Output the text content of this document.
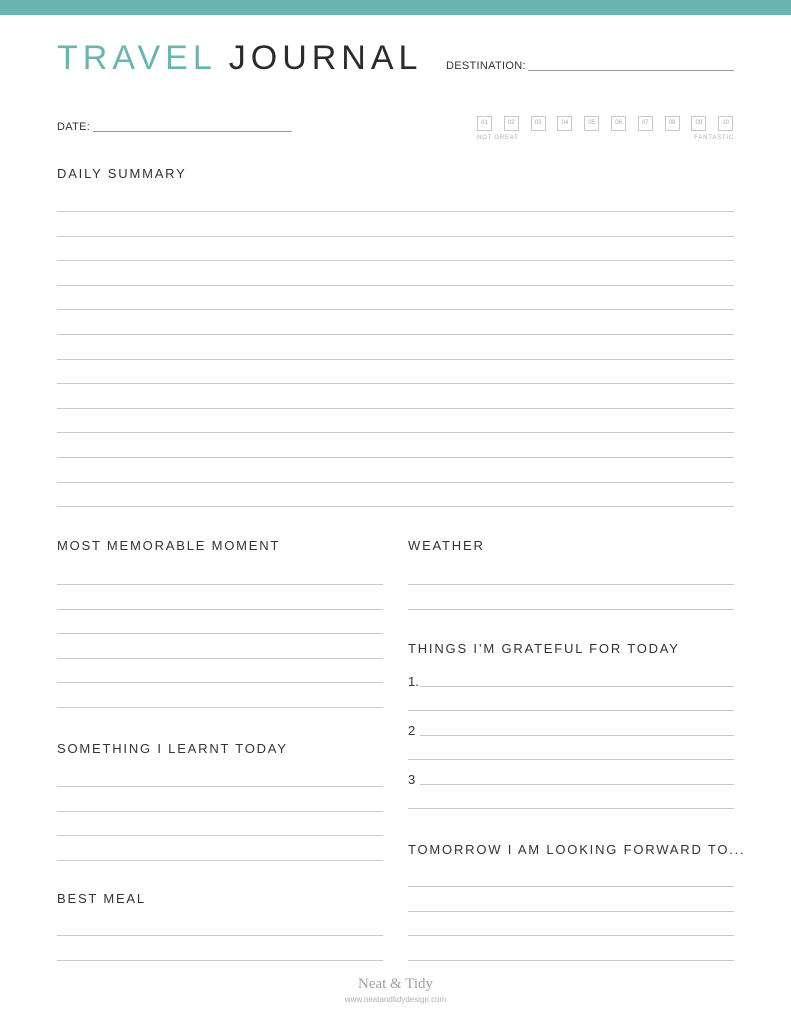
TRAVEL JOURNAL DESTINATION:
DATE:	01	02	03	04	05	06	07	08	09	10
NOT GREAT	FANTASTIC
DAILY SUMMARY
MOST MEMORABLE MOMENT	WEATHER
THINGS I’M GRATEFUL FOR TODAY
SOMETHING I LEARNT TODAY
TOMORROW I AM LOOKING FORWARD TO...
BEST MEAL
1.
2
3
Neat & Tidy
www.neatandtidydesign.com
